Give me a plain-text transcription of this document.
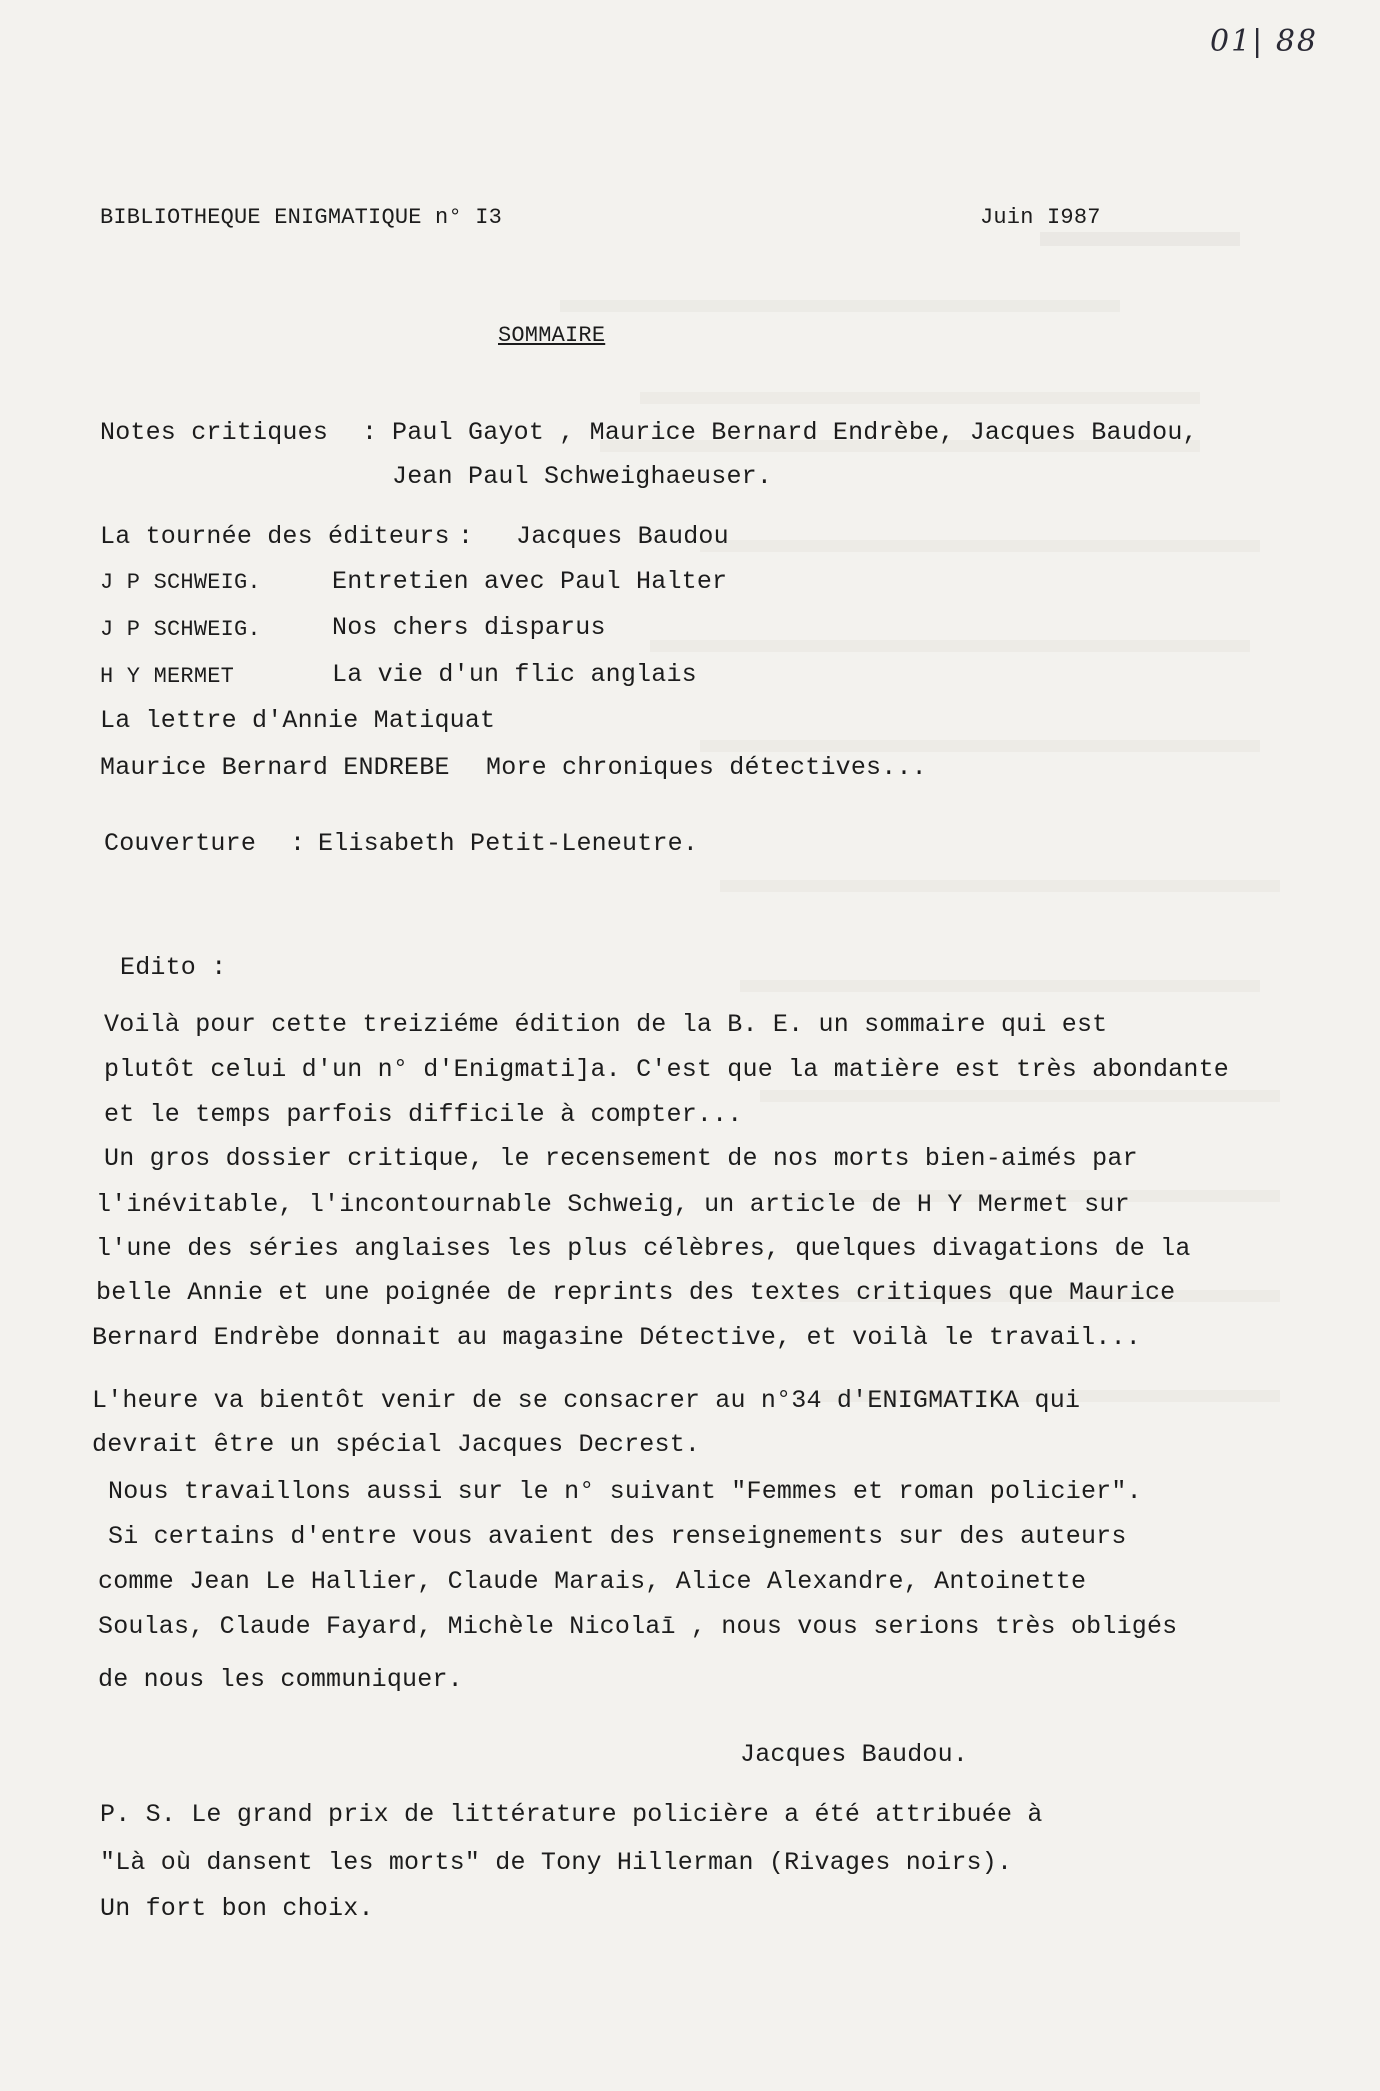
01| 88
BIBLIOTHEQUE ENIGMATIQUE n° I3	Juin I987
SOMMAIRE
Notes critiques : Paul Gayot , Maurice Bernard Endrèbe, Jacques Baudou,
Jean Paul Schweighaeuser.
La tournée des éditeurs : Jacques Baudou
J P SCHWEIG.	Entretien avec Paul Halter
J P SCHWEIG.	Nos chers disparus
H Y MERMET	La vie d'un flic anglais
La lettre d'Annie Matiquat
Maurice Bernard ENDREBE More chroniques détectives...
Couverture : Elisabeth Petit-Leneutre.
Edito :
Voilà pour cette treiziéme édition de la B. E. un sommaire qui est
plutôt celui d'un n° d'Enigmati]a. C'est que la matière est très abondante
et le temps parfois difficile à compter...
Un gros dossier critique, le recensement de nos morts bien-aimés par
l'inévitable, l'incontournable Schweig, un article de H Y Mermet sur
l'une des séries anglaises les plus célèbres, quelques divagations de la
belle Annie et une poignée de reprints des textes critiques que Maurice
Bernard Endrèbe donnait au magaɜine Détective, et voilà le travail...
L'heure va bientôt venir de se consacrer au n°34 d'ENIGMATIKA qui
devrait être un spécial Jacques Decrest.
Nous travaillons aussi sur le n° suivant "Femmes et roman policier".
Si certains d'entre vous avaient des renseignements sur des auteurs
comme Jean Le Hallier, Claude Marais, Alice Alexandre, Antoinette
Soulas, Claude Fayard, Michèle Nicolaī , nous vous serions très obligés
de nous les communiquer.
Jacques Baudou.
P. S. Le grand prix de littérature policière a été attribuée à
"Là où dansent les morts" de Tony Hillerman (Rivages noirs).
Un fort bon choix.
